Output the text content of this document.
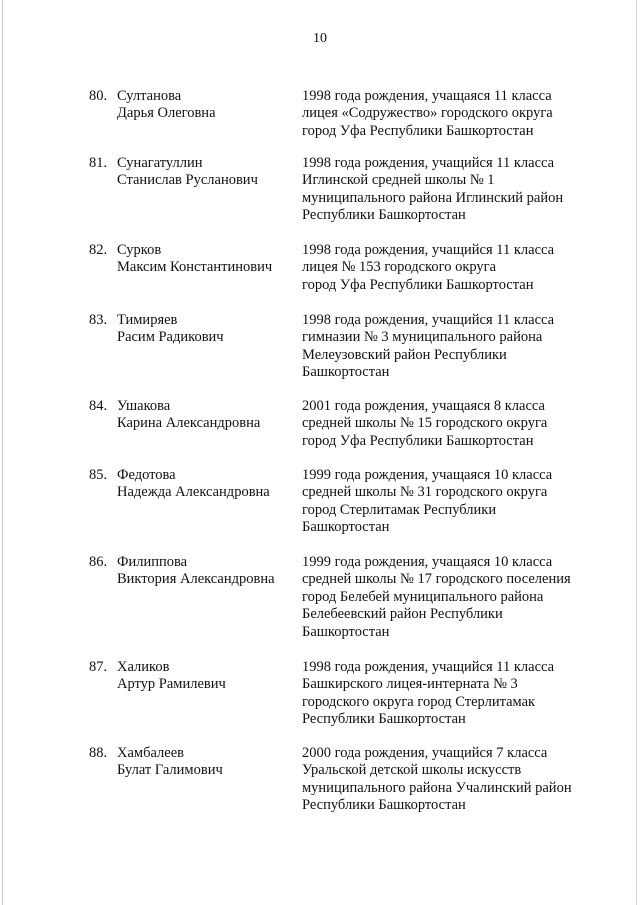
10
80. Султанова
Дарья Олеговна
1998 года рождения, учащаяся 11 класса
лицея «Содружество» городского округа
город Уфа Республики Башкортостан
81. Сунагатуллин
Станислав Русланович
1998 года рождения, учащийся 11 класса
Иглинской средней школы № 1
муниципального района Иглинский район
Республики Башкортостан
82. Сурков
Максим Константинович
1998 года рождения, учащийся 11 класса
лицея № 153 городского округа
город Уфа Республики Башкортостан
83. Тимиряев
Расим Радикович
1998 года рождения, учащийся 11 класса
гимназии № 3 муниципального района
Мелеузовский район Республики
Башкортостан
84. Ушакова
Карина Александровна
2001 года рождения, учащаяся 8 класса
средней школы № 15 городского округа
город Уфа Республики Башкортостан
85. Федотова
Надежда Александровна
1999 года рождения, учащаяся 10 класса
средней школы № 31 городского округа
город Стерлитамак Республики
Башкортостан
86. Филиппова
Виктория Александровна
1999 года рождения, учащаяся 10 класса
средней школы № 17 городского поселения
город Белебей муниципального района
Белебеевский район Республики
Башкортостан
87. Халиков
Артур Рамилевич
1998 года рождения, учащийся 11 класса
Башкирского лицея-интерната № 3
городского округа город Стерлитамак
Республики Башкортостан
88. Хамбалеев
Булат Галимович
2000 года рождения, учащийся 7 класса
Уральской детской школы искусств
муниципального района Учалинский район
Республики Башкортостан
